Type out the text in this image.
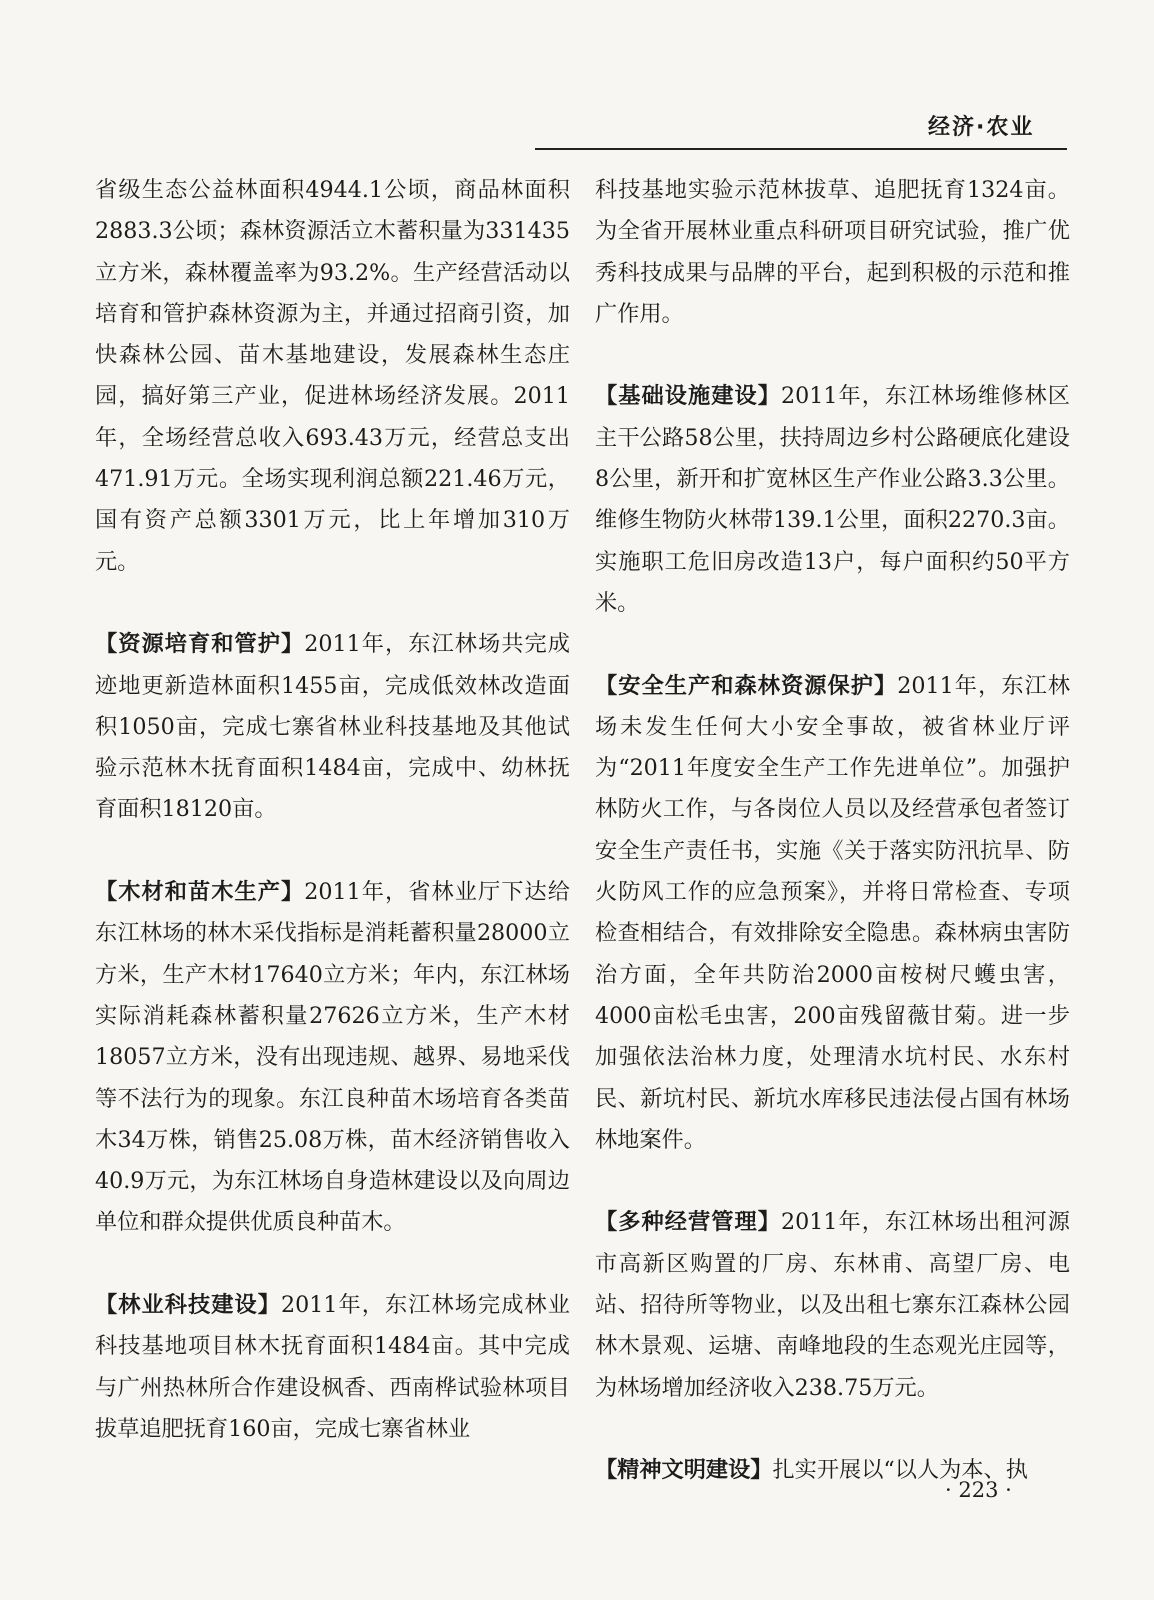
经济·农业

省级生态公益林面积4944.1公顷，商品林面积2883.3公顷；森林资源活立木蓄积量为331435立方米，森林覆盖率为93.2%。生产经营活动以培育和管护森林资源为主，并通过招商引资，加快森林公园、苗木基地建设，发展森林生态庄园，搞好第三产业，促进林场经济发展。2011年，全场经营总收入693.43万元，经营总支出471.91万元。全场实现利润总额221.46万元，国有资产总额3301万元，比上年增加310万元。

【资源培育和管护】2011年，东江林场共完成迹地更新造林面积1455亩，完成低效林改造面积1050亩，完成七寨省林业科技基地及其他试验示范林木抚育面积1484亩，完成中、幼林抚育面积18120亩。

【木材和苗木生产】2011年，省林业厅下达给东江林场的林木采伐指标是消耗蓄积量28000立方米，生产木材17640立方米；年内，东江林场实际消耗森林蓄积量27626立方米，生产木材18057立方米，没有出现违规、越界、易地采伐等不法行为的现象。东江良种苗木场培育各类苗木34万株，销售25.08万株，苗木经济销售收入40.9万元，为东江林场自身造林建设以及向周边单位和群众提供优质良种苗木。

【林业科技建设】2011年，东江林场完成林业科技基地项目林木抚育面积1484亩。其中完成与广州热林所合作建设枫香、西南桦试验林项目拔草追肥抚育160亩，完成七寨省林业

科技基地实验示范林拔草、追肥抚育1324亩。为全省开展林业重点科研项目研究试验，推广优秀科技成果与品牌的平台，起到积极的示范和推广作用。

【基础设施建设】2011年，东江林场维修林区主干公路58公里，扶持周边乡村公路硬底化建设8公里，新开和扩宽林区生产作业公路3.3公里。维修生物防火林带139.1公里，面积2270.3亩。实施职工危旧房改造13户，每户面积约50平方米。

【安全生产和森林资源保护】2011年，东江林场未发生任何大小安全事故，被省林业厅评为“2011年度安全生产工作先进单位”。加强护林防火工作，与各岗位人员以及经营承包者签订安全生产责任书，实施《关于落实防汛抗旱、防火防风工作的应急预案》，并将日常检查、专项检查相结合，有效排除安全隐患。森林病虫害防治方面，全年共防治2000亩桉树尺蠖虫害，4000亩松毛虫害，200亩残留薇甘菊。进一步加强依法治林力度，处理清水坑村民、水东村民、新坑村民、新坑水库移民违法侵占国有林场林地案件。

【多种经营管理】2011年，东江林场出租河源市高新区购置的厂房、东林甫、高望厂房、电站、招待所等物业，以及出租七寨东江森林公园林木景观、运塘、南峰地段的生态观光庄园等，为林场增加经济收入238.75万元。

【精神文明建设】扎实开展以“以人为本、执

· 223 ·
